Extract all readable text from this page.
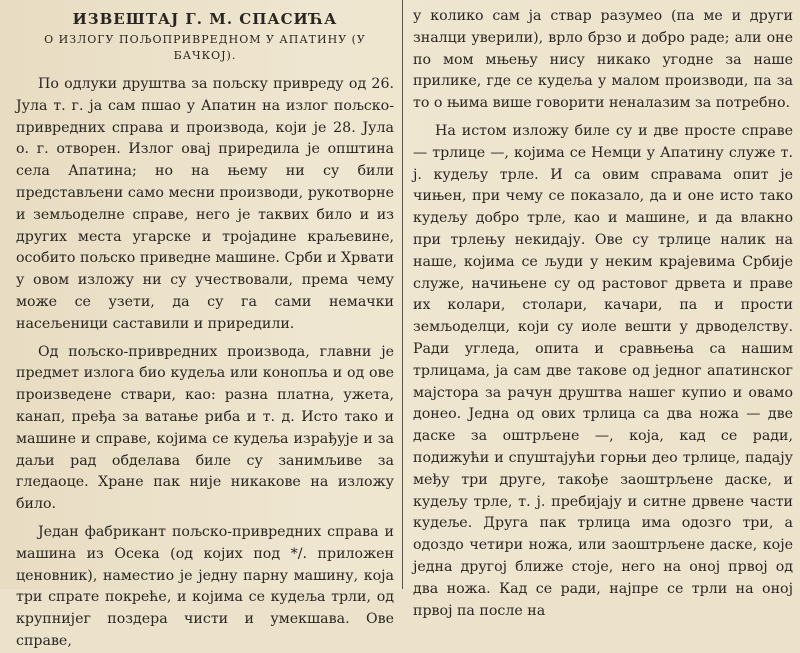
ИЗВЕШТАЈ Г. М. СПАСИЋА
О ИЗЛОГУ ПОЉОПРИВРЕДНОМ У АПАТИНУ (У БАЧКОЈ).

По одлуки друштва за пољску привреду од 26. Јула т. г. ја сам пшао у Апатин на излог пољско-привредних справа и производа, који је 28. Јула о. г. отворен. Излог овај приредила је општина села Апатина; но на њему ни су били представљени само месни производи, рукотворне и земљоделне справе, него је таквих било и из других места угарске и тројадине краљевине, особито пољско приведне машине. Срби и Хрвати у овом изложу ни су учествовали, према чему може се узети, да су га сами немачки насељеници саставили и приредили.

Од пољско-привредних производа, главни је предмет излога био кудеља или конопља и од ове произведене ствари, као: разна платна, ужета, канап, пређа за ватање риба и т. д. Исто тако и машине и справе, којима се кудеља израђује и за даљи рад обделава биле су занимљиве за гледаоце. Хране пак није никакове на изложу било.

Један фабрикант пољско-привредних справа и машина из Осека (од којих под */. приложен ценовник), наместио је једну парну машину, која три спрате покреће, и којима се кудеља трли, од крупнијег поздера чисти и умекшава. Ове справе,

у колико сам ја ствар разумео (па ме и други зналци уверили), врло брзо и добро раде; али оне по мом мњењу нису никако угодне за наше прилике, где се кудеља у малом производи, па за то о њима више говорити неналазим за потребно.

На истом изложу биле су и две просте справе — трлице —, којима се Немци у Апатину служе т. ј. кудељу трле. И са овим справама опит је чињен, при чему се показало, да и оне исто тако кудељу добро трле, као и машине, и да влакно при трлењу некидају. Ове су трлице налик на наше, којима се људи у неким крајевима Србије служе, начињене су од растовог дрвета и праве их колари, столари, качари, па и прости земљоделци, који су иоле вешти у дрводелству. Ради угледа, опита и сравњења са нашим трлицама, ја сам две такове од једног апатинског мајстора за рачун друштва нашег купио и овамо донео. Једна од ових трлица са два ножа — две даске за оштрљене —, која, кад се ради, подижући и спуштајући горњи део трлице, падају међу три друге, такође заоштрљене даске, и кудељу трле, т. ј. пребијају и ситне дрвене части кудеље. Друга пак трлица има одозго три, а одоздо четири ножа, или заоштрљене даске, које једна другој ближе стоје, него на оној првој од два ножа. Кад се ради, најпре се трли на оној првој па после на
